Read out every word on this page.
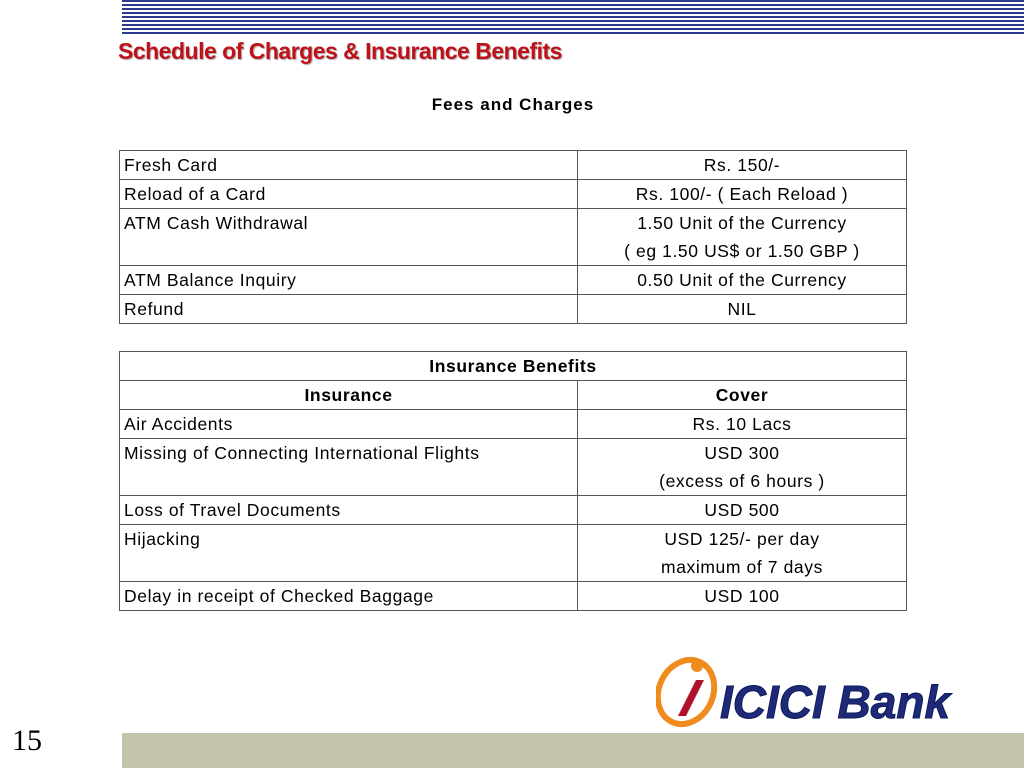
Schedule of Charges & Insurance Benefits
Fees and Charges
Fresh Card	Rs. 150/-
Reload of a Card	Rs. 100/- ( Each Reload )
ATM Cash Withdrawal	1.50 Unit of the Currency
( eg 1.50 US$ or 1.50 GBP )
ATM Balance Inquiry	0.50 Unit of the Currency
Refund	NIL
Insurance Benefits	
Insurance	Cover
Air Accidents	Rs. 10 Lacs
Missing of Connecting International Flights	USD 300
(excess of 6 hours )
Loss of Travel Documents	USD 500
Hijacking	USD 125/- per day
maximum of 7 days
Delay in receipt of Checked Baggage	USD 100
ICICI Bank
15
